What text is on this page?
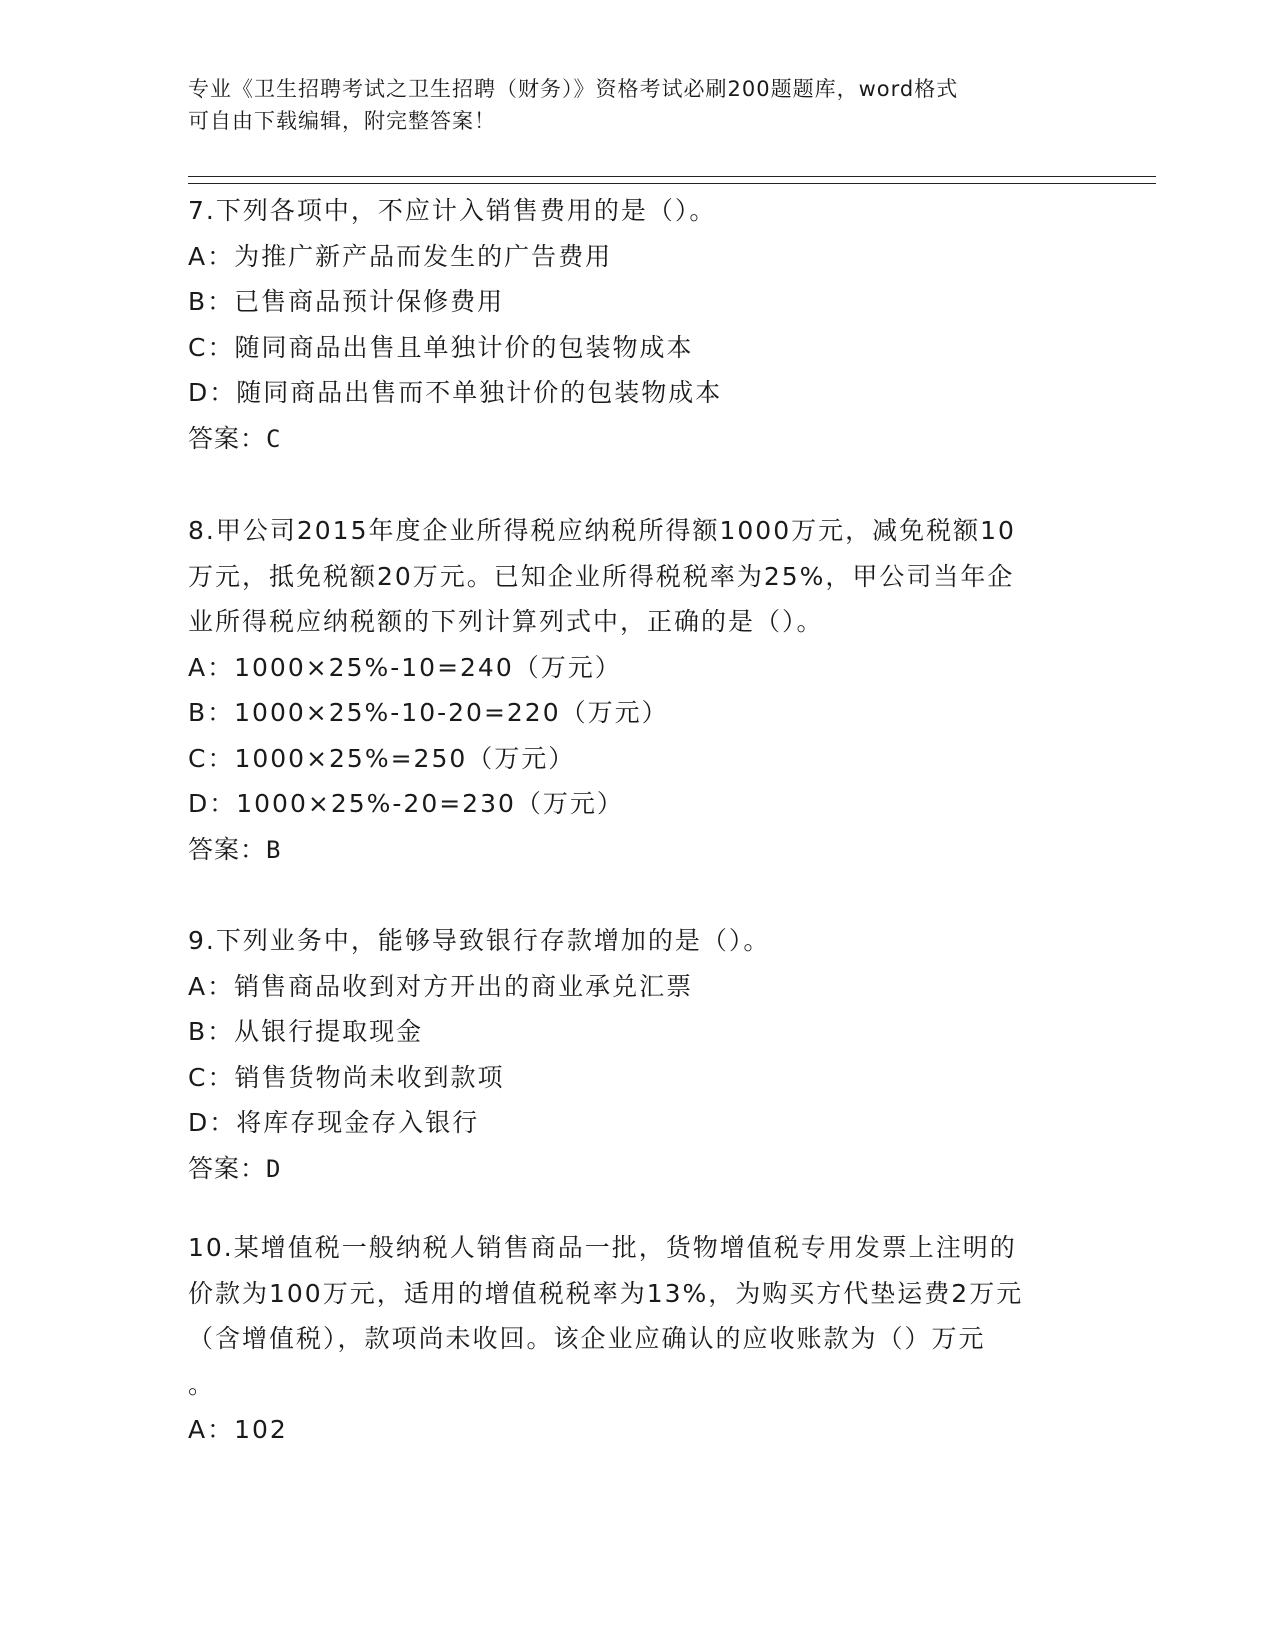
专业《卫生招聘考试之卫生招聘（财务）》资格考试必刷200题题库，word格式
可自由下载编辑，附完整答案！

7.下列各项中，不应计入销售费用的是（）。

A：为推广新产品而发生的广告费用

B：已售商品预计保修费用

C：随同商品出售且单独计价的包装物成本

D：随同商品出售而不单独计价的包装物成本

答案：C

8.甲公司2015年度企业所得税应纳税所得额1000万元，减免税额10

万元，抵免税额20万元。已知企业所得税税率为25%，甲公司当年企

业所得税应纳税额的下列计算列式中，正确的是（）。

A：1000×25%-10=240（万元）

B：1000×25%-10-20=220（万元）

C：1000×25%=250（万元）

D：1000×25%-20=230（万元）

答案：B

9.下列业务中，能够导致银行存款增加的是（）。

A：销售商品收到对方开出的商业承兑汇票

B：从银行提取现金

C：销售货物尚未收到款项

D：将库存现金存入银行

答案：D

10.某增值税一般纳税人销售商品一批，货物增值税专用发票上注明的

价款为100万元，适用的增值税税率为13%，为购买方代垫运费2万元

（含增值税），款项尚未收回。该企业应确认的应收账款为（）万元

。

A：102
